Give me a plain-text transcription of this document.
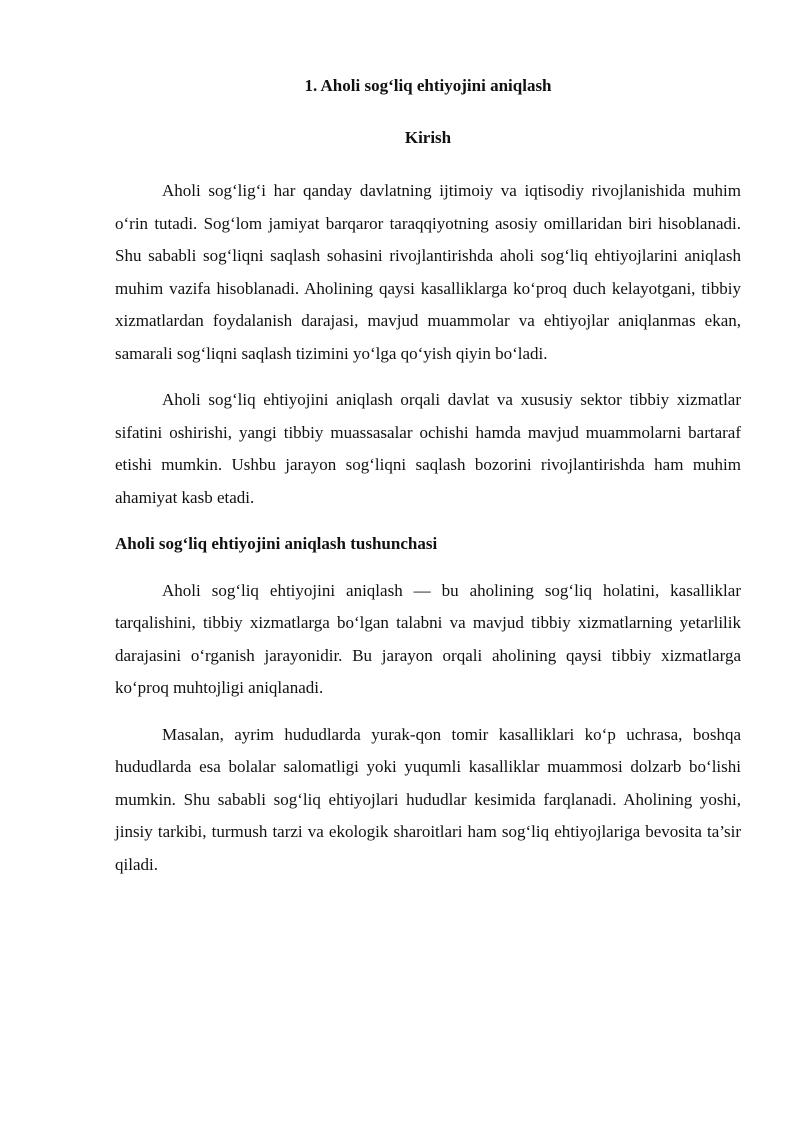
1. Aholi sog‘liq ehtiyojini aniqlash
Kirish

Aholi sog‘lig‘i har qanday davlatning ijtimoiy va iqtisodiy rivojlanishida muhim o‘rin tutadi. Sog‘lom jamiyat barqaror taraqqiyotning asosiy omillaridan biri hisoblanadi. Shu sababli sog‘liqni saqlash sohasini rivojlantirishda aholi sog‘liq ehtiyojlarini aniqlash muhim vazifa hisoblanadi. Aholining qaysi kasalliklarga ko‘proq duch kelayotgani, tibbiy xizmatlardan foydalanish darajasi, mavjud muammolar va ehtiyojlar aniqlanmas ekan, samarali sog‘liqni saqlash tizimini yo‘lga qo‘yish qiyin bo‘ladi.

Aholi sog‘liq ehtiyojini aniqlash orqali davlat va xususiy sektor tibbiy xizmatlar sifatini oshirishi, yangi tibbiy muassasalar ochishi hamda mavjud muammolarni bartaraf etishi mumkin. Ushbu jarayon sog‘liqni saqlash bozorini rivojlantirishda ham muhim ahamiyat kasb etadi.

Aholi sog‘liq ehtiyojini aniqlash tushunchasi

Aholi sog‘liq ehtiyojini aniqlash — bu aholining sog‘liq holatini, kasalliklar tarqalishini, tibbiy xizmatlarga bo‘lgan talabni va mavjud tibbiy xizmatlarning yetarlilik darajasini o‘rganish jarayonidir. Bu jarayon orqali aholining qaysi tibbiy xizmatlarga ko‘proq muhtojligi aniqlanadi.

Masalan, ayrim hududlarda yurak-qon tomir kasalliklari ko‘p uchrasa, boshqa hududlarda esa bolalar salomatligi yoki yuqumli kasalliklar muammosi dolzarb bo‘lishi mumkin. Shu sababli sog‘liq ehtiyojlari hududlar kesimida farqlanadi. Aholining yoshi, jinsiy tarkibi, turmush tarzi va ekologik sharoitlari ham sog‘liq ehtiyojlariga bevosita ta’sir qiladi.
